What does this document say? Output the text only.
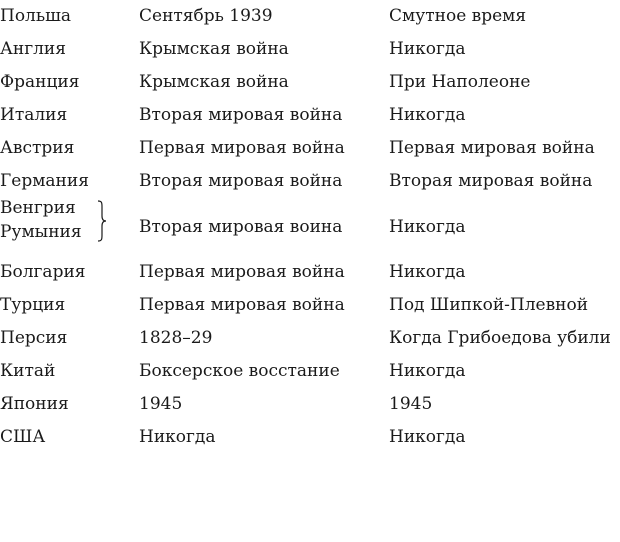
Польша	Сентябрь 1939	Смутное время
Англия	Крымская война	Никогда
Франция	Крымская война	При Наполеоне
Италия	Вторая мировая война	Никогда
Австрия	Первая мировая война	Первая мировая война
Германия	Вторая мировая война	Вторая мировая война
Венгрия
Румыния	Вторая мировая воина	Никогда
Болгария	Первая мировая война	Никогда
Турция	Первая мировая война	Под Шипкой-Плевной
Персия	1828–29	Когда Грибоедова убили
Китай	Боксерское восстание	Никогда
Япония	1945	1945
США	Никогда	Никогда
